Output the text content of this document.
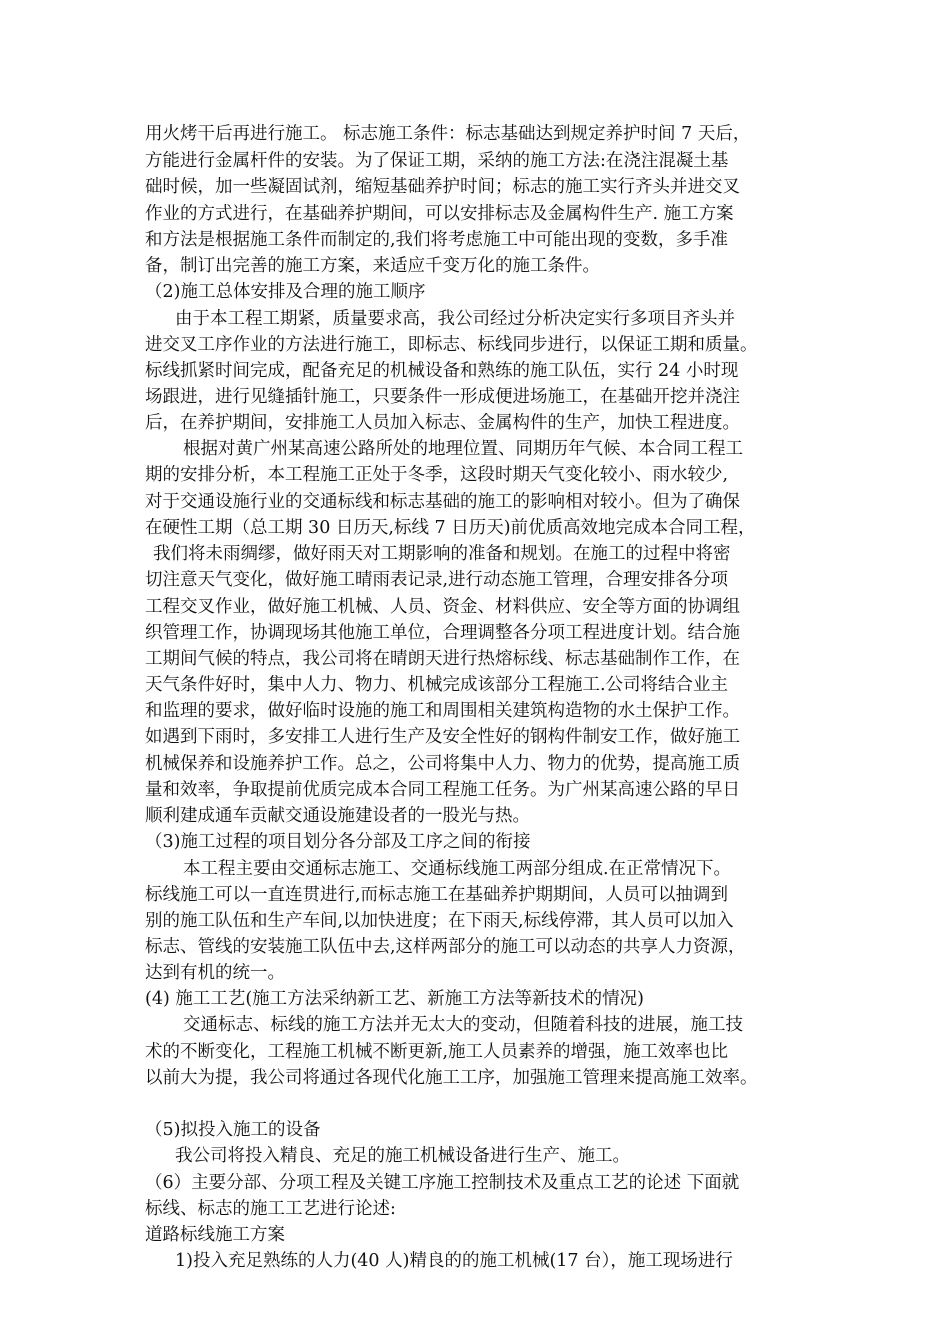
用火烤干后再进行施工。 标志施工条件：标志基础达到规定养护时间 7 天后，

方能进行金属杆件的安装。为了保证工期，采纳的施工方法:在浇注混凝土基

础时候，加一些凝固试剂，缩短基础养护时间；标志的施工实行齐头并进交叉

作业的方式进行，在基础养护期间，可以安排标志及金属构件生产. 施工方案

和方法是根据施工条件而制定的,我们将考虑施工中可能出现的变数，多手准

备，制订出完善的施工方案，来适应千变万化的施工条件。

（2)施工总体安排及合理的施工顺序

由于本工程工期紧，质量要求高，我公司经过分析决定实行多项目齐头并

进交叉工序作业的方法进行施工，即标志、标线同步进行，以保证工期和质量。

标线抓紧时间完成，配备充足的机械设备和熟练的施工队伍，实行 24 小时现

场跟进，进行见缝插针施工，只要条件一形成便进场施工，在基础开挖并浇注

后，在养护期间，安排施工人员加入标志、金属构件的生产，加快工程进度。

根据对黄广州某高速公路所处的地理位置、同期历年气候、本合同工程工

期的安排分析，本工程施工正处于冬季，这段时期天气变化较小、雨水较少,

对于交通设施行业的交通标线和标志基础的施工的影响相对较小。但为了确保

在硬性工期（总工期 30 日历天,标线 7 日历天)前优质高效地完成本合同工程，

我们将未雨绸缪，做好雨天对工期影响的准备和规划。在施工的过程中将密

切注意天气变化，做好施工晴雨表记录,进行动态施工管理，合理安排各分项

工程交叉作业，做好施工机械、人员、资金、材料供应、安全等方面的协调组

织管理工作，协调现场其他施工单位，合理调整各分项工程进度计划。结合施

工期间气候的特点，我公司将在晴朗天进行热熔标线、标志基础制作工作，在

天气条件好时，集中人力、物力、机械完成该部分工程施工.公司将结合业主

和监理的要求，做好临时设施的施工和周围相关建筑构造物的水土保护工作。

如遇到下雨时，多安排工人进行生产及安全性好的钢构件制安工作，做好施工

机械保养和设施养护工作。总之，公司将集中人力、物力的优势，提高施工质

量和效率，争取提前优质完成本合同工程施工任务。为广州某高速公路的早日

顺利建成通车贡献交通设施建设者的一股光与热。

（3)施工过程的项目划分各分部及工序之间的衔接

本工程主要由交通标志施工、交通标线施工两部分组成.在正常情况下。

标线施工可以一直连贯进行,而标志施工在基础养护期期间，人员可以抽调到

别的施工队伍和生产车间,以加快进度；在下雨天,标线停滞，其人员可以加入

标志、管线的安装施工队伍中去,这样两部分的施工可以动态的共享人力资源，

达到有机的统一。

(4) 施工工艺(施工方法采纳新工艺、新施工方法等新技术的情况)

交通标志、标线的施工方法并无太大的变动，但随着科技的进展，施工技

术的不断变化，工程施工机械不断更新,施工人员素养的增强，施工效率也比

以前大为提，我公司将通过各现代化施工工序，加强施工管理来提高施工效率。

（5)拟投入施工的设备

我公司将投入精良、充足的施工机械设备进行生产、施工。

（6）主要分部、分项工程及关键工序施工控制技术及重点工艺的论述 下面就

标线、标志的施工工艺进行论述:

道路标线施工方案

1)投入充足熟练的人力(40 人)精良的的施工机械(17 台），施工现场进行
